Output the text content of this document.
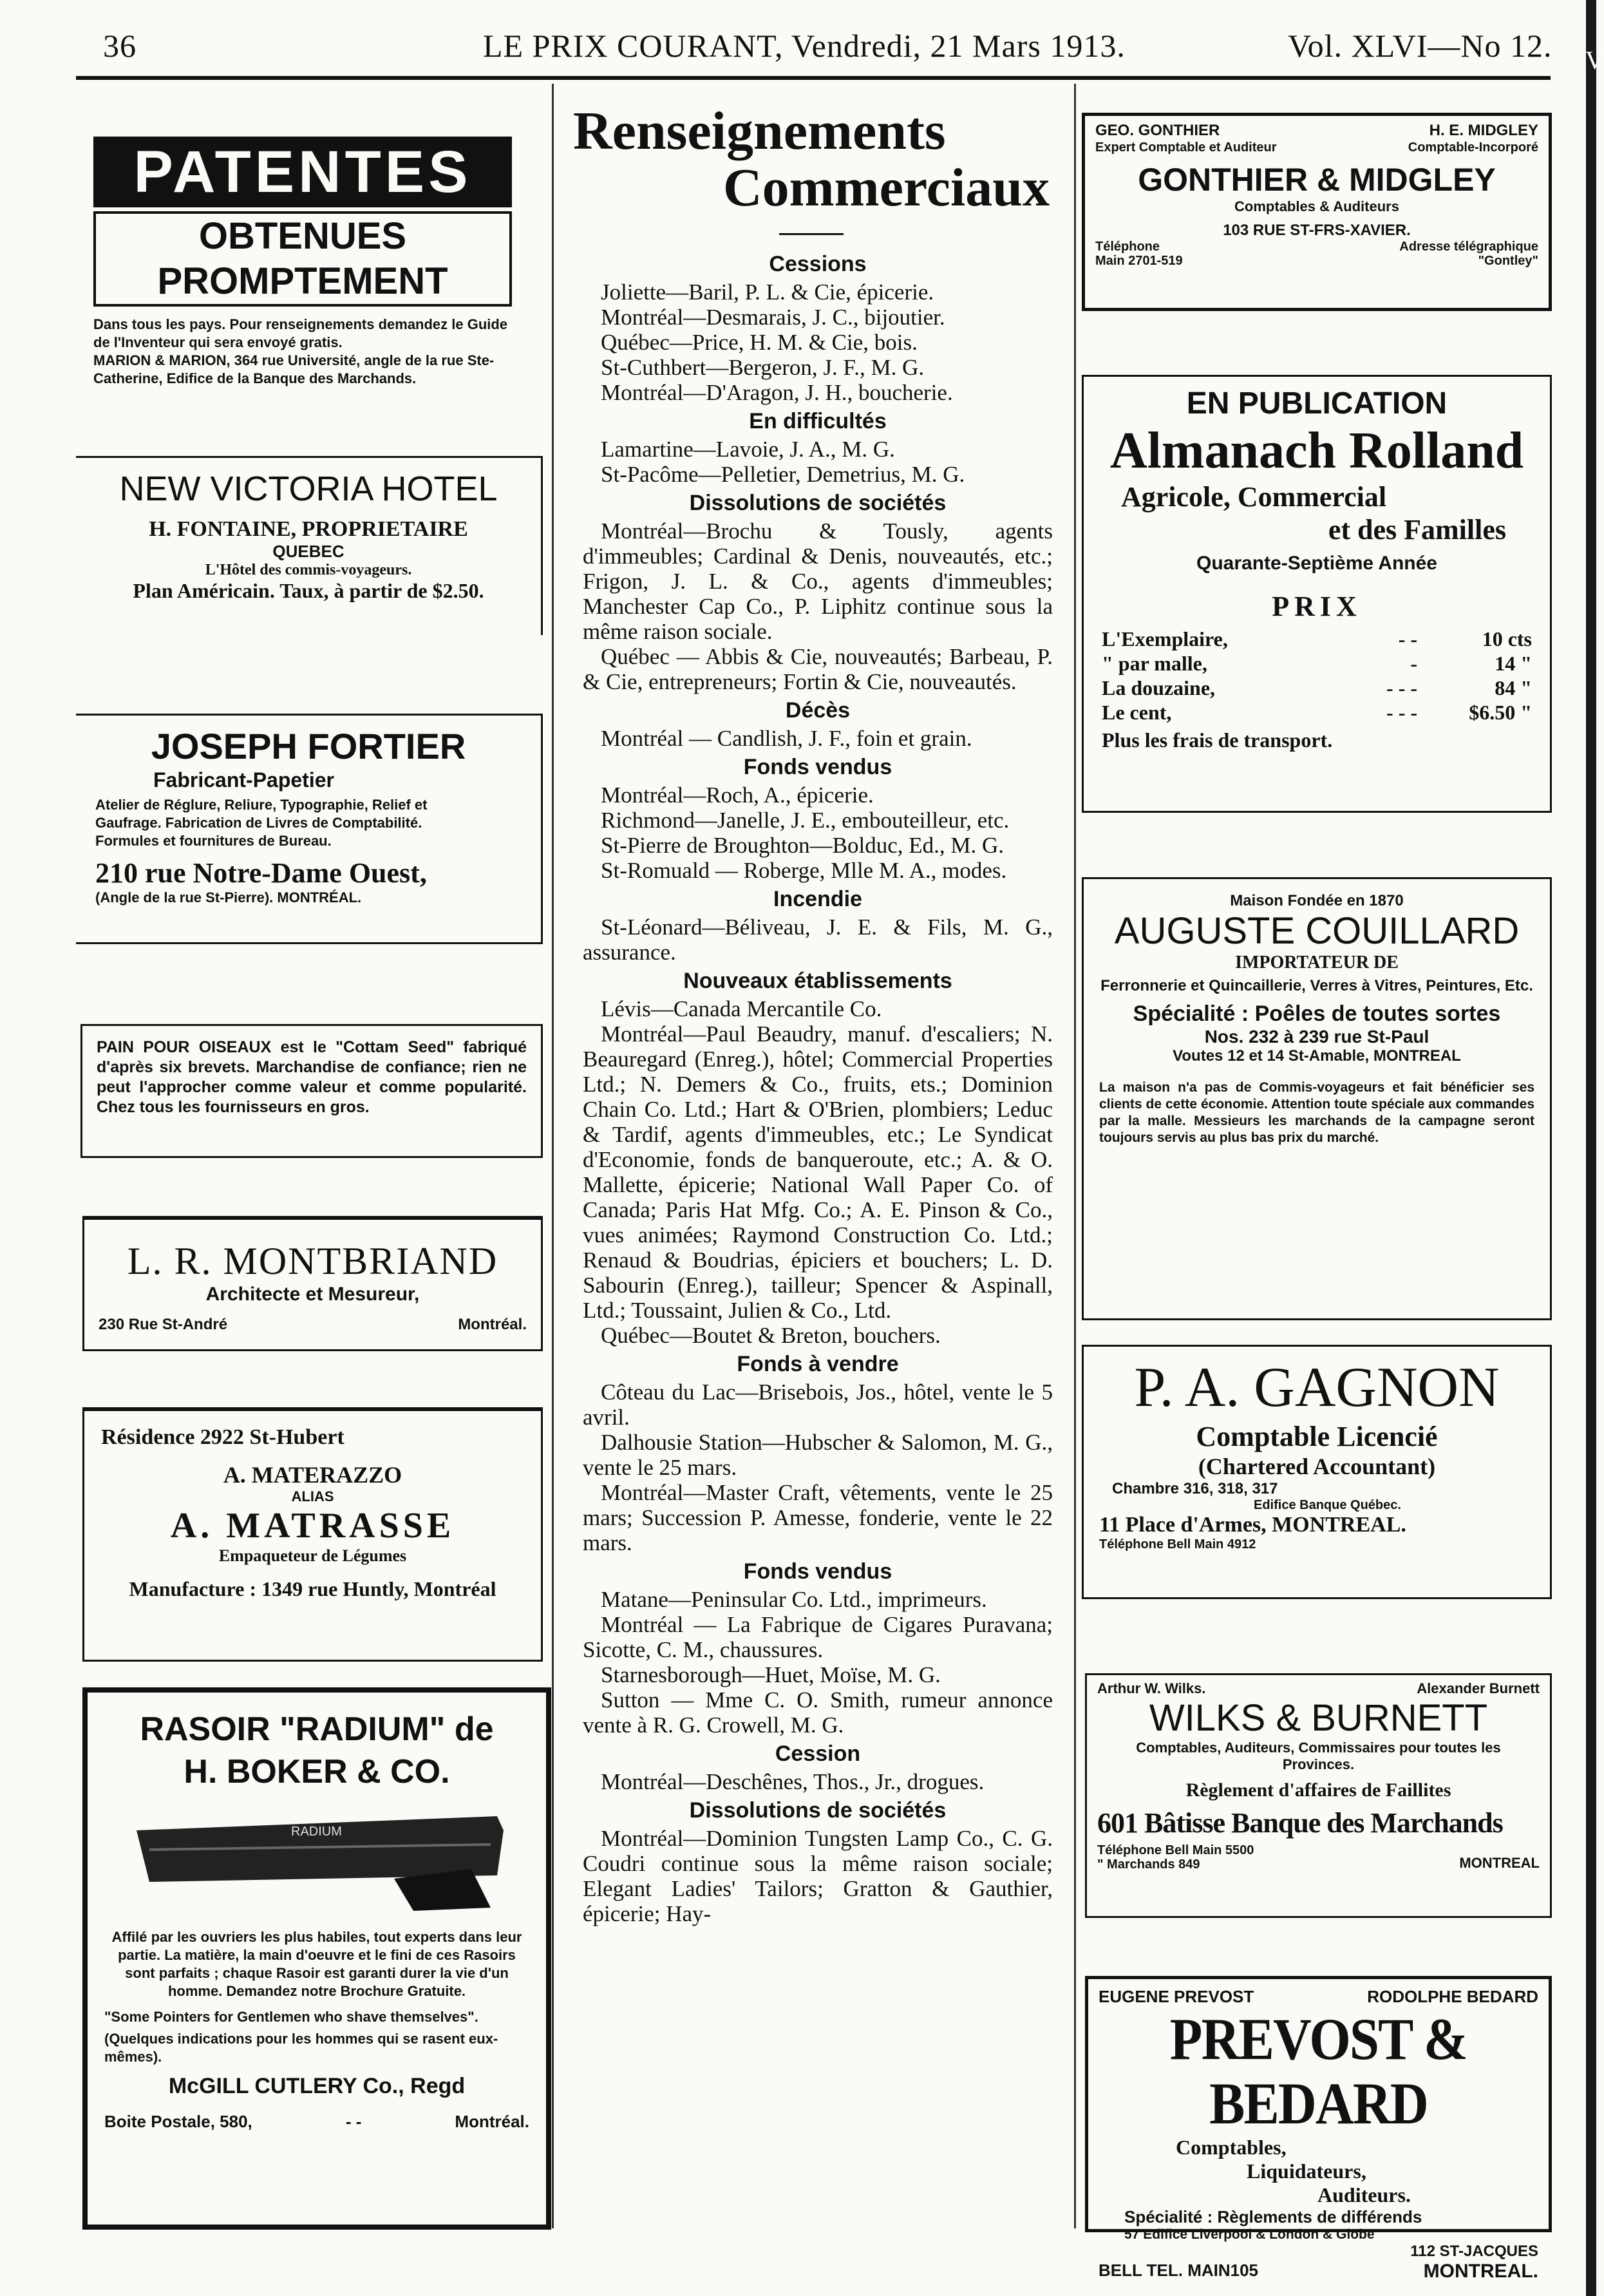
V
36	LE PRIX COURANT, Vendredi, 21 Mars 1913.	Vol. XLVI—No 12.
PATENTES
OBTENUES PROMPTEMENT
Dans tous les pays. Pour renseignements demandez le Guide de l'Inventeur qui sera envoyé gratis.
MARION & MARION, 364 rue Université, angle de la rue Ste-Catherine, Edifice de la Banque des Marchands.
NEW VICTORIA HOTEL
H. FONTAINE, PROPRIETAIRE
QUEBEC
L'Hôtel des commis-voyageurs.
Plan Américain. Taux, à partir de $2.50.
JOSEPH FORTIER
Fabricant-Papetier
Atelier de Réglure, Reliure, Typographie, Relief et Gaufrage. Fabrication de Livres de Comptabilité. Formules et fournitures de Bureau.
210 rue Notre-Dame Ouest,
(Angle de la rue St-Pierre). MONTRÉAL.
PAIN POUR OISEAUX est le "Cottam Seed" fabriqué d'après six brevets. Marchandise de confiance; rien ne peut l'approcher comme valeur et comme popularité. Chez tous les fournisseurs en gros.
L. R. MONTBRIAND
Architecte et Mesureur,
230 Rue St-André	Montréal.
Résidence 2922 St-Hubert
A. MATERAZZO
ALIAS
A. MATRASSE
Empaqueteur de Légumes
Manufacture : 1349 rue Huntly, Montréal
RASOIR "RADIUM" de
H. BOKER & CO.
RADIUM
Affilé par les ouvriers les plus habiles, tout experts dans leur partie. La matière, la main d'oeuvre et le fini de ces Rasoirs sont parfaits ; chaque Rasoir est garanti durer la vie d'un homme. Demandez notre Brochure Gratuite.
"Some Pointers for Gentlemen who shave themselves".
(Quelques indications pour les hommes qui se rasent eux-mêmes).
McGILL CUTLERY Co., Regd
Boite Postale, 580,	- -	Montréal.
Renseignements
Commerciaux
Cessions

Joliette—Baril, P. L. & Cie, épicerie.

Montréal—Desmarais, J. C., bijoutier.

Québec—Price, H. M. & Cie, bois.

St-Cuthbert—Bergeron, J. F., M. G.

Montréal—D'Aragon, J. H., boucherie.

En difficultés

Lamartine—Lavoie, J. A., M. G.

St-Pacôme—Pelletier, Demetrius, M. G.

Dissolutions de sociétés

Montréal—Brochu & Tously, agents d'immeubles; Cardinal & Denis, nouveautés, etc.; Frigon, J. L. & Co., agents d'immeubles; Manchester Cap Co., P. Liphitz continue sous la même raison sociale.

Québec — Abbis & Cie, nouveautés; Barbeau, P. & Cie, entrepreneurs; Fortin & Cie, nouveautés.

Décès

Montréal — Candlish, J. F., foin et grain.

Fonds vendus

Montréal—Roch, A., épicerie.

Richmond—Janelle, J. E., embouteilleur, etc.

St-Pierre de Broughton—Bolduc, Ed., M. G.

St-Romuald — Roberge, Mlle M. A., modes.

Incendie

St-Léonard—Béliveau, J. E. & Fils, M. G., assurance.

Nouveaux établissements

Lévis—Canada Mercantile Co.

Montréal—Paul Beaudry, manuf. d'escaliers; N. Beauregard (Enreg.), hôtel; Commercial Properties Ltd.; N. Demers & Co., fruits, ets.; Dominion Chain Co. Ltd.; Hart & O'Brien, plombiers; Leduc & Tardif, agents d'immeubles, etc.; Le Syndicat d'Economie, fonds de banqueroute, etc.; A. & O. Mallette, épicerie; National Wall Paper Co. of Canada; Paris Hat Mfg. Co.; A. E. Pinson & Co., vues animées; Raymond Construction Co. Ltd.; Renaud & Boudrias, épiciers et bouchers; L. D. Sabourin (Enreg.), tailleur; Spencer & Aspinall, Ltd.; Toussaint, Julien & Co., Ltd.

Québec—Boutet & Breton, bouchers.

Fonds à vendre

Côteau du Lac—Brisebois, Jos., hôtel, vente le 5 avril.

Dalhousie Station—Hubscher & Salomon, M. G., vente le 25 mars.

Montréal—Master Craft, vêtements, vente le 25 mars; Succession P. Amesse, fonderie, vente le 22 mars.

Fonds vendus

Matane—Peninsular Co. Ltd., imprimeurs.

Montréal — La Fabrique de Cigares Puravana; Sicotte, C. M., chaussures.

Starnesborough—Huet, Moïse, M. G.

Sutton — Mme C. O. Smith, rumeur annonce vente à R. G. Crowell, M. G.

Cession

Montréal—Deschênes, Thos., Jr., drogues.

Dissolutions de sociétés

Montréal—Dominion Tungsten Lamp Co., C. G. Coudri continue sous la même raison sociale; Elegant Ladies' Tailors; Gratton & Gauthier, épicerie; Hay-

GEO. GONTHIER
Expert Comptable et Auditeur
H. E. MIDGLEY
Comptable-Incorporé
GONTHIER & MIDGLEY
Comptables & Auditeurs
103 RUE ST-FRS-XAVIER.
Téléphone
Main 2701-519
Adresse télégraphique
"Gontley"
EN PUBLICATION
Almanach Rolland
Agricole, Commercial
et des Familles
Quarante-Septième Année
PRIX
L'Exemplaire,	- -	10 cts
" par malle,	-	14 "
La douzaine,	- - -	84 "
Le cent,	- - -	$6.50 "
Plus les frais de transport.
Maison Fondée en 1870
AUGUSTE COUILLARD
IMPORTATEUR DE
Ferronnerie et Quincaillerie, Verres à Vitres, Peintures, Etc.
Spécialité : Poêles de toutes sortes
Nos. 232 à 239 rue St-Paul
Voutes 12 et 14 St-Amable, MONTREAL
La maison n'a pas de Commis-voyageurs et fait bénéficier ses clients de cette économie. Attention toute spéciale aux commandes par la malle. Messieurs les marchands de la campagne seront toujours servis au plus bas prix du marché.
P. A. GAGNON
Comptable Licencié
(Chartered Accountant)
Chambre 316, 318, 317
Edifice Banque Québec.
11 Place d'Armes, MONTREAL.
Téléphone Bell Main 4912
Arthur W. Wilks.	Alexander Burnett
WILKS & BURNETT
Comptables, Auditeurs, Commissaires pour toutes les Provinces.
Règlement d'affaires de Faillites
601 Bâtisse Banque des Marchands
Téléphone Bell Main 5500
" Marchands 849	MONTREAL
EUGENE PREVOST	RODOLPHE BEDARD
PREVOST & BEDARD
Comptables,
Liquidateurs,
Auditeurs.
Spécialité : Règlements de différends
57 Edifice Liverpool & London & Globe
112 ST-JACQUES
BELL TEL. MAIN105	MONTREAL.
